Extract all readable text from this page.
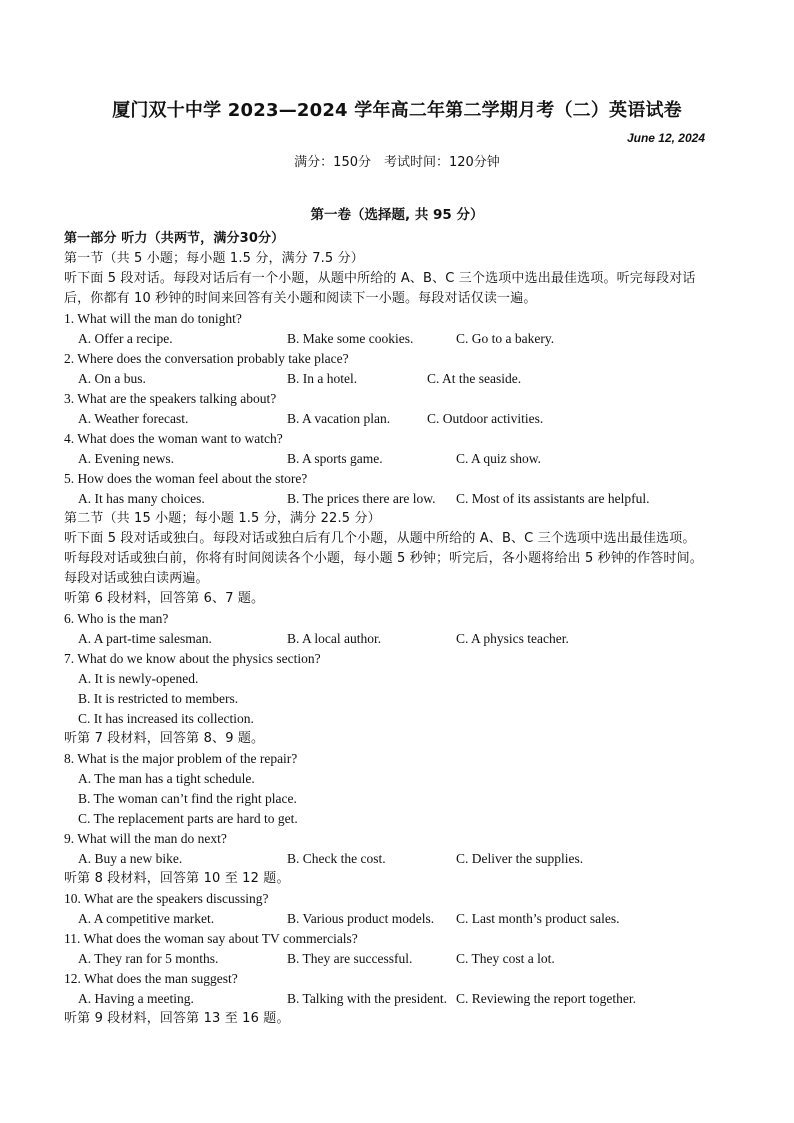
厦门双十中学 2023—2024 学年高二年第二学期月考（二）英语试卷
June 12, 2024
满分：150分　考试时间：120分钟
第一卷（选择题, 共 95 分）
第一部分 听力（共两节，满分30分）
第一节（共 5 小题；每小题 1.5 分，满分 7.5 分）
听下面 5 段对话。每段对话后有一个小题，从题中所给的 A、B、C 三个选项中选出最佳选项。听完每段对话
后，你都有 10 秒钟的时间来回答有关小题和阅读下一小题。每段对话仅读一遍。
1. What will the man do tonight?
A. Offer a recipe.	B. Make some cookies.	C. Go to a bakery.
2. Where does the conversation probably take place?
A. On a bus.	B. In a hotel.	C. At the seaside.
3. What are the speakers talking about?
A. Weather forecast.	B. A vacation plan.	C. Outdoor activities.
4. What does the woman want to watch?
A. Evening news.	B. A sports game.	C. A quiz show.
5. How does the woman feel about the store?
A. It has many choices.	B. The prices there are low. C. Most of its assistants are helpful.
第二节（共 15 小题；每小题 1.5 分，满分 22.5 分）
听下面 5 段对话或独白。每段对话或独白后有几个小题，从题中所给的 A、B、C 三个选项中选出最佳选项。
听每段对话或独白前，你将有时间阅读各个小题，每小题 5 秒钟；听完后，各小题将给出 5 秒钟的作答时间。
每段对话或独白读两遍。
听第 6 段材料，回答第 6、7 题。
6. Who is the man?
A. A part-time salesman.	B. A local author.	C. A physics teacher.
7. What do we know about the physics section?
A. It is newly-opened.
B. It is restricted to members.
C. It has increased its collection.
听第 7 段材料，回答第 8、9 题。
8. What is the major problem of the repair?
A. The man has a tight schedule.
B. The woman can’t find the right place.
C. The replacement parts are hard to get.
9. What will the man do next?
A. Buy a new bike.	B. Check the cost.	C. Deliver the supplies.
听第 8 段材料，回答第 10 至 12 题。
10. What are the speakers discussing?
A. A competitive market.	B. Various product models. C. Last month’s product sales.
11. What does the woman say about TV commercials?
A. They ran for 5 months.	B. They are successful.	C. They cost a lot.
12. What does the man suggest?
A. Having a meeting.	B. Talking with the president. C. Reviewing the report together.
听第 9 段材料，回答第 13 至 16 题。
